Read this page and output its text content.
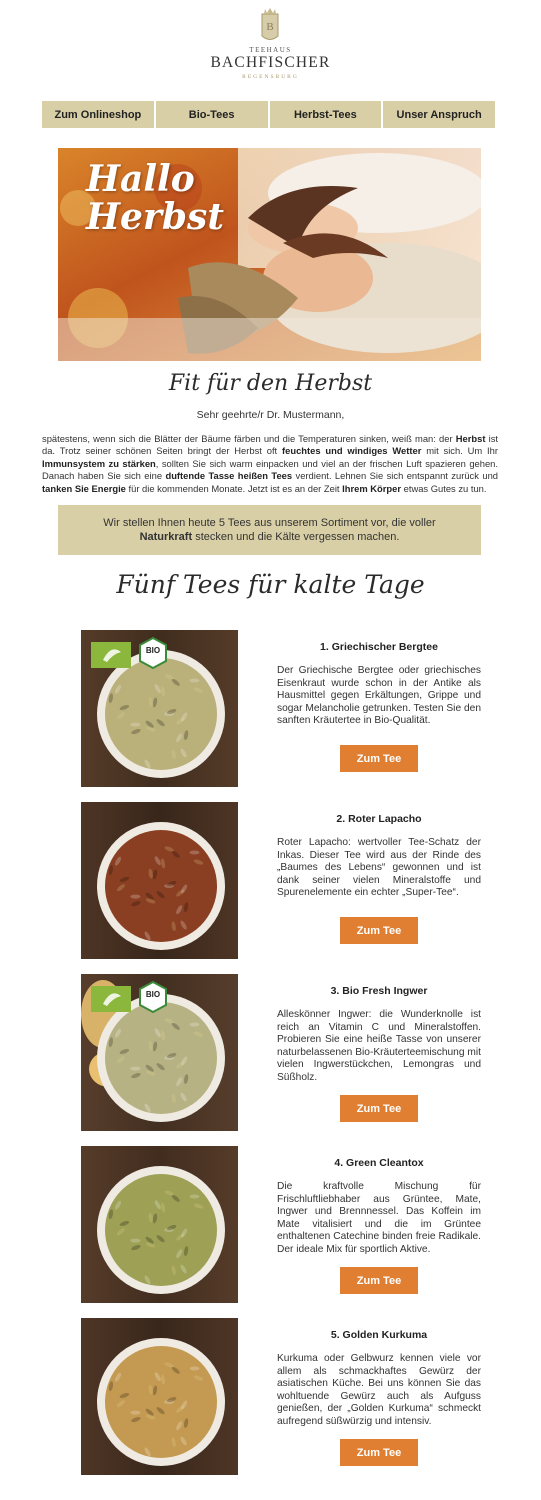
B
TEEHAUS
BACHFISCHER
REGENSBURG
Zum Onlineshop	Bio-Tees	Herbst-Tees	Unser Anspruch
Hallo
Herbst
Fit für den Herbst
Sehr geehrte/r Dr. Mustermann,
spätestens, wenn sich die Blätter der Bäume färben und die Temperaturen sinken, weiß man: der Herbst ist da. Trotz seiner schönen Seiten bringt der Herbst oft feuchtes und windiges Wetter mit sich. Um Ihr Immunsystem zu stärken, sollten Sie sich warm einpacken und viel an der frischen Luft spazieren gehen. Danach haben Sie sich eine duftende Tasse heißen Tees verdient. Lehnen Sie sich entspannt zurück und tanken Sie Energie für die kommenden Monate. Jetzt ist es an der Zeit Ihrem Körper etwas Gutes zu tun.
Wir stellen Ihnen heute 5 Tees aus unserem Sortiment vor, die voller Naturkraft stecken und die Kälte vergessen machen.
Fünf Tees für kalte Tage
BIO	1. Griechischer Bergtee
Der Griechische Bergtee oder griechisches Eisenkraut wurde schon in der Antike als Hausmittel gegen Erkältungen, Grippe und sogar Melancholie getrunken. Testen Sie den sanften Kräutertee in Bio-Qualität.
Zum Tee
2. Roter Lapacho
Roter Lapacho: wertvoller Tee-Schatz der Inkas. Dieser Tee wird aus der Rinde des „Baumes des Lebens“ gewonnen und ist dank seiner vielen Mineralstoffe und Spurenelemente ein echter „Super-Tee“.
Zum Tee
BIO	3. Bio Fresh Ingwer
Alleskönner Ingwer: die Wunderknolle ist reich an Vitamin C und Mineralstoffen. Probieren Sie eine heiße Tasse von unserer naturbelassenen Bio-Kräuterteemischung mit vielen Ingwerstückchen, Lemongras und Süßholz.
Zum Tee
4. Green Cleantox
Die kraftvolle Mischung für Frischluftliebhaber aus Grüntee, Mate, Ingwer und Brennnessel. Das Koffein im Mate vitalisiert und die im Grüntee enthaltenen Catechine binden freie Radikale. Der ideale Mix für sportlich Aktive.
Zum Tee
5. Golden Kurkuma
Kurkuma oder Gelbwurz kennen viele vor allem als schmackhaftes Gewürz der asiatischen Küche. Bei uns können Sie das wohltuende Gewürz auch als Aufguss genießen, der „Golden Kurkuma“ schmeckt aufregend süßwürzig und intensiv.
Zum Tee
